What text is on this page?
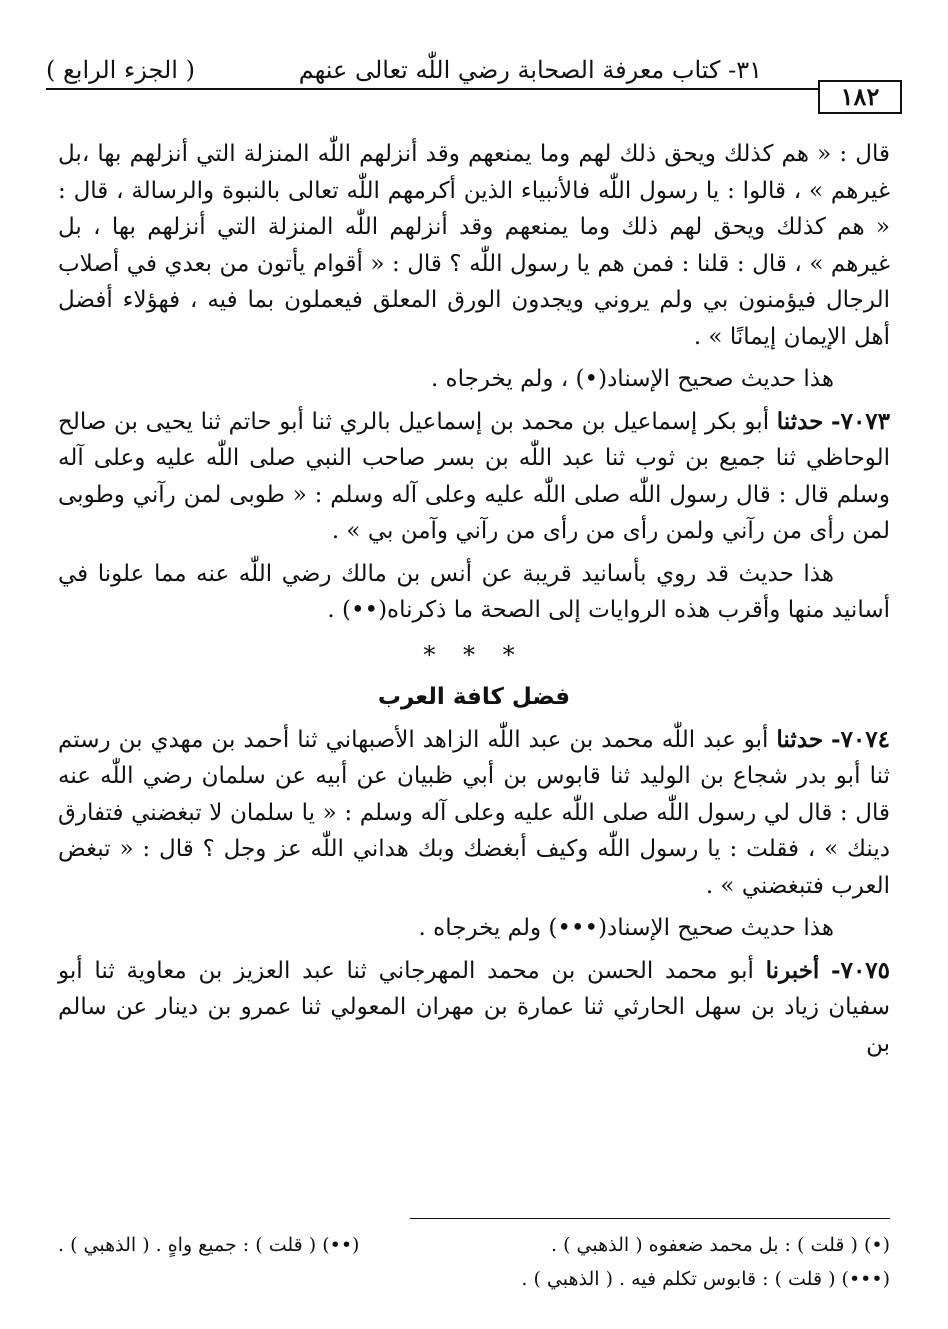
( الجزء الرابع )	٣١- كتاب معرفة الصحابة رضي اللّٰه تعالى عنهم
١٨٢

قال : « هم كذلك ويحق ذلك لهم وما يمنعهم وقد أنزلهم اللّٰه المنزلة التي أنزلهم بها ،بل غيرهم » ، قالوا : يا رسول اللّٰه فالأنبياء الذين أكرمهم اللّٰه تعالى بالنبوة والرسالة ، قال : « هم كذلك ويحق لهم ذلك وما يمنعهم وقد أنزلهم اللّٰه المنزلة التي أنزلهم بها ، بل غيرهم » ، قال : قلنا : فمن هم يا رسول اللّٰه ؟ قال : « أقوام يأتون من بعدي في أصلاب الرجال فيؤمنون بي ولم يروني ويجدون الورق المعلق فيعملون بما فيه ، فهؤلاء أفضل أهل الإيمان إيمانًا » .

هذا حديث صحيح الإسناد(•) ، ولم يخرجاه .

٧٠٧٣- حدثنا أبو بكر إسماعيل بن محمد بن إسماعيل بالري ثنا أبو حاتم ثنا يحيى بن صالح الوحاظي ثنا جميع بن ثوب ثنا عبد اللّٰه بن بسر صاحب النبي صلى اللّٰه عليه وعلى آله وسلم قال : قال رسول اللّٰه صلى اللّٰه عليه وعلى آله وسلم : « طوبى لمن رآني وطوبى لمن رأى من رآني ولمن رأى من رأى من رآني وآمن بي » .

هذا حديث قد روي بأسانيد قريبة عن أنس بن مالك رضي اللّٰه عنه مما علونا في أسانيد منها وأقرب هذه الروايات إلى الصحة ما ذكرناه(••) .

* * *

فضل كافة العرب

٧٠٧٤- حدثنا أبو عبد اللّٰه محمد بن عبد اللّٰه الزاهد الأصبهاني ثنا أحمد بن مهدي بن رستم ثنا أبو بدر شجاع بن الوليد ثنا قابوس بن أبي ظبيان عن أبيه عن سلمان رضي اللّٰه عنه قال : قال لي رسول اللّٰه صلى اللّٰه عليه وعلى آله وسلم : « يا سلمان لا تبغضني فتفارق دينك » ، فقلت : يا رسول اللّٰه وكيف أبغضك وبك هداني اللّٰه عز وجل ؟ قال : « تبغض العرب فتبغضني » .

هذا حديث صحيح الإسناد(•••) ولم يخرجاه .

٧٠٧٥- أخبرنا أبو محمد الحسن بن محمد المهرجاني ثنا عبد العزيز بن معاوية ثنا أبو سفيان زياد بن سهل الحارثي ثنا عمارة بن مهران المعولي ثنا عمرو بن دينار عن سالم بن

(•) ( قلت ) : بل محمد ضعفوه ( الذهبي ) .
(••) ( قلت ) : جميع واهٍ . ( الذهبي ) .
(•••) ( قلت ) : قابوس تكلم فيه . ( الذهبي ) .
